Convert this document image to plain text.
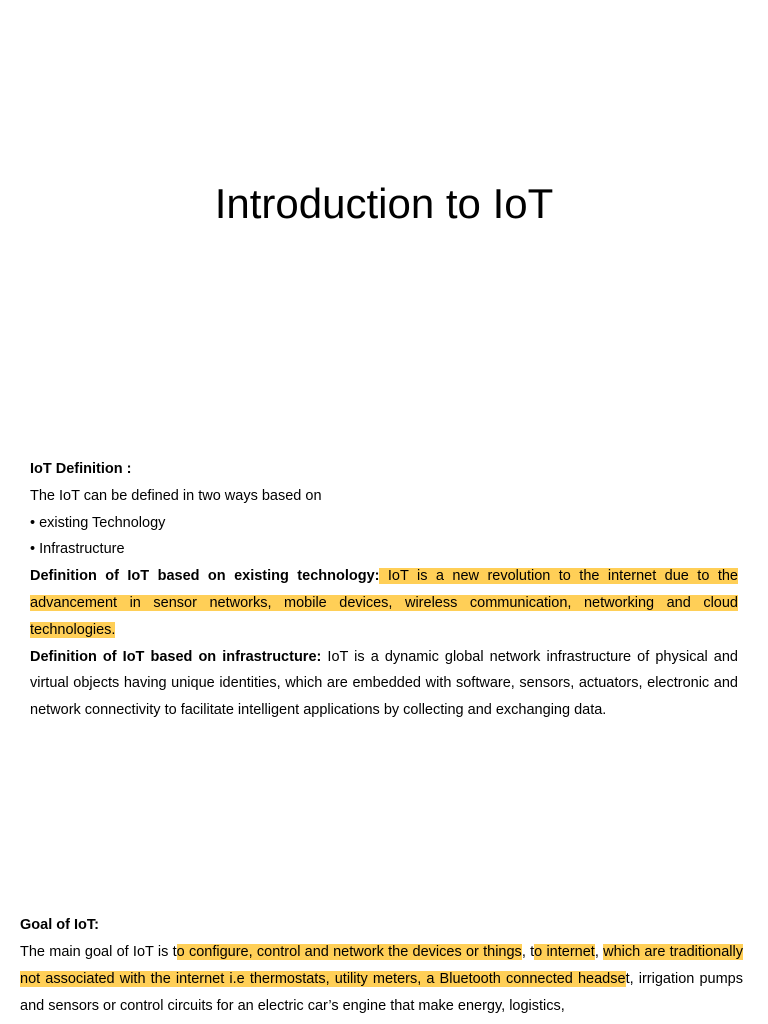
Introduction to IoT
IoT Definition :
The IoT can be defined in two ways based on
• existing Technology
• Infrastructure
Definition of IoT based on existing technology: IoT is a new revolution to the internet due to the advancement in sensor networks, mobile devices, wireless communication, networking and cloud technologies.
Definition of IoT based on infrastructure: IoT is a dynamic global network infrastructure of physical and virtual objects having unique identities, which are embedded with software, sensors, actuators, electronic and network connectivity to facilitate intelligent applications by collecting and exchanging data.
Goal of IoT:
The main goal of IoT is to configure, control and network the devices or things, to internet, which are traditionally not associated with the internet i.e thermostats, utility meters, a Bluetooth connected headset, irrigation pumps and sensors or control circuits for an electric car’s engine that make energy, logistics,
